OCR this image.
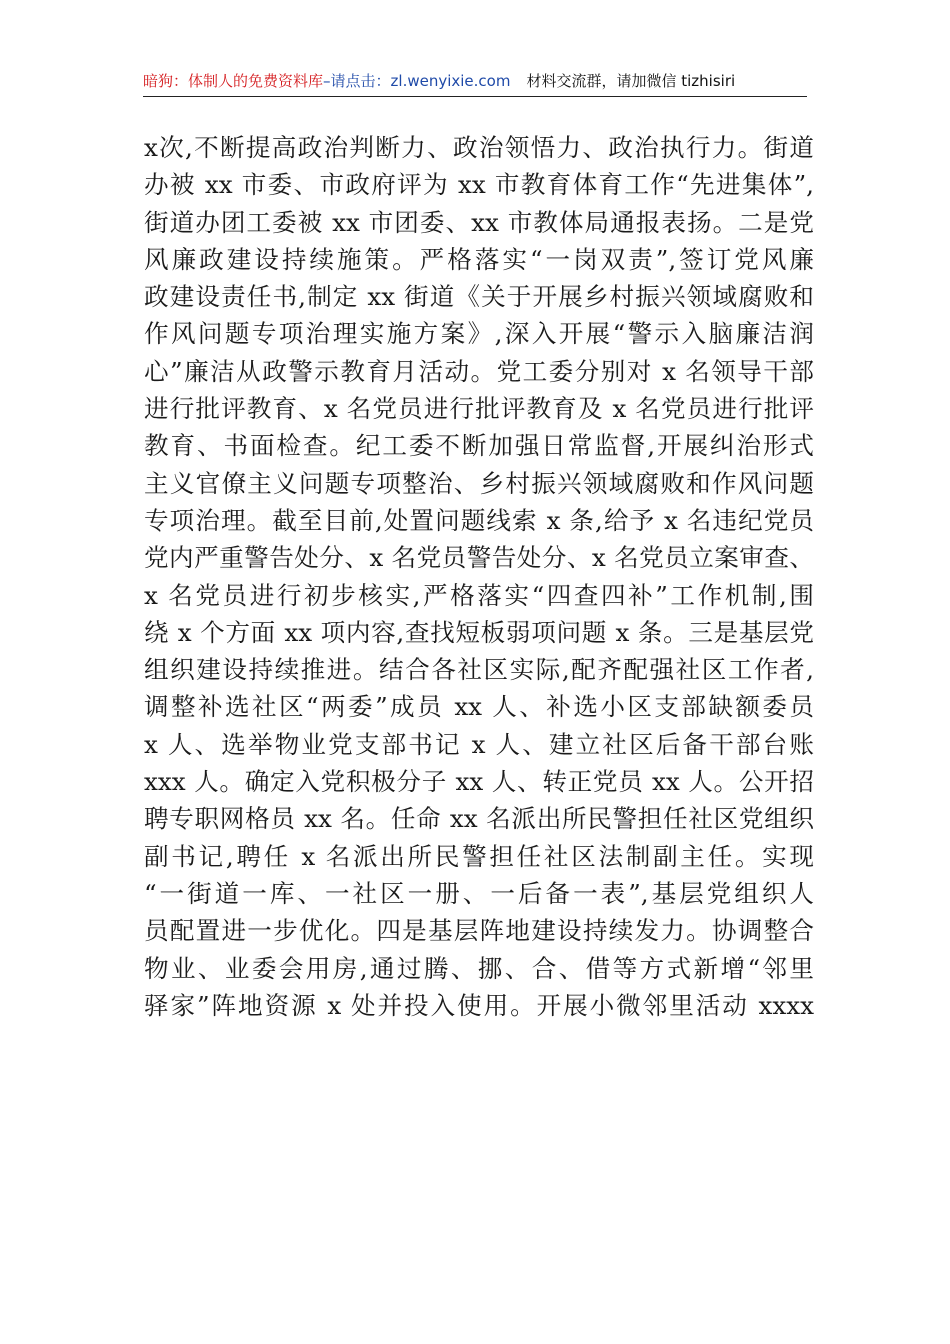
暗狗：体制人的免费资料库–请点击：zl.wenyixie.com 材料交流群，请加微信 tizhisiri
x次,不断提高政治判断力、政治领悟力、政治执行力。街道
办被 xx 市委、市政府评为 xx 市教育体育工作“先进集体”,
街道办团工委被 xx 市团委、xx 市教体局通报表扬。二是党
风廉政建设持续施策。严格落实“一岗双责”,签订党风廉
政建设责任书,制定 xx 街道《关于开展乡村振兴领域腐败和
作风问题专项治理实施方案》,深入开展“警示入脑廉洁润
心”廉洁从政警示教育月活动。党工委分别对 x 名领导干部
进行批评教育、x 名党员进行批评教育及 x 名党员进行批评
教育、书面检查。纪工委不断加强日常监督,开展纠治形式
主义官僚主义问题专项整治、乡村振兴领域腐败和作风问题
专项治理。截至目前,处置问题线索 x 条,给予 x 名违纪党员
党内严重警告处分、x 名党员警告处分、x 名党员立案审查、
x 名党员进行初步核实,严格落实“四查四补”工作机制,围
绕 x 个方面 xx 项内容,查找短板弱项问题 x 条。三是基层党
组织建设持续推进。结合各社区实际,配齐配强社区工作者,
调整补选社区“两委”成员 xx 人、补选小区支部缺额委员
x 人、选举物业党支部书记 x 人、建立社区后备干部台账
xxx 人。确定入党积极分子 xx 人、转正党员 xx 人。公开招
聘专职网格员 xx 名。任命 xx 名派出所民警担任社区党组织
副书记,聘任 x 名派出所民警担任社区法制副主任。实现
“一街道一库、一社区一册、一后备一表”,基层党组织人
员配置进一步优化。四是基层阵地建设持续发力。协调整合
物业、业委会用房,通过腾、挪、合、借等方式新增“邻里
驿家”阵地资源 x 处并投入使用。开展小微邻里活动 xxxx
